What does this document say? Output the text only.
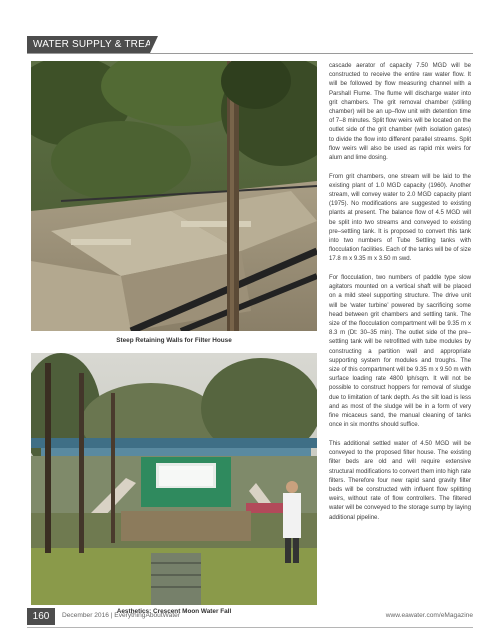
WATER SUPPLY & TREATMENT
Steep Retaining Walls for Filter House
Aesthetics: Crescent Moon Water Fall

cascade aerator of capacity 7.50 MGD will be constructed to receive the entire raw water flow. It will be followed by flow measuring channel with a Parshall Flume. The flume will discharge water into grit chambers. The grit removal chamber (stilling chamber) will be an up–flow unit with detention time of 7–8 minutes. Split flow weirs will be located on the outlet side of the grit chamber (with isolation gates) to divide the flow into different parallel streams. Split flow weirs will also be used as rapid mix weirs for alum and lime dosing.

From grit chambers, one stream will be laid to the existing plant of 1.0 MGD capacity (1960). Another stream, will convey water to 2.0 MGD capacity plant (1975). No modifications are suggested to existing plants at present. The balance flow of 4.5 MGD will be split into two streams and conveyed to existing pre–settling tank. It is proposed to convert this tank into two numbers of Tube Settling tanks with flocculation facilities. Each of the tanks will be of size 17.8 m x 9.35 m x 3.50 m swd.

For flocculation, two numbers of paddle type slow agitators mounted on a vertical shaft will be placed on a mild steel supporting structure. The drive unit will be ‘water turbine’ powered by sacrificing some head between grit chambers and settling tank. The size of the flocculation compartment will be 9.35 m x 8.3 m (Dt: 30–35 min). The outlet side of the pre–settling tank will be retrofitted with tube modules by constructing a partition wall and appropriate supporting system for modules and troughs. The size of this compartment will be 9.35 m x 9.50 m with surface loading rate 4800 lph/sqm. It will not be possible to construct hoppers for removal of sludge due to limitation of tank depth. As the silt load is less and as most of the sludge will be in a form of very fine micaceus sand, the manual cleaning of tanks once in six months should suffice.

This additional settled water of 4.50 MGD will be conveyed to the proposed filter house. The existing filter beds are old and will require extensive structural modifications to convert them into high rate filters. Therefore four new rapid sand gravity filter beds will be constructed with influent flow splitting weirs, without rate of flow controllers. The filtered water will be conveyed to the storage sump by laying additional pipeline.

160	December 2016 | EverythingAboutWater	www.eawater.com/eMagazine
